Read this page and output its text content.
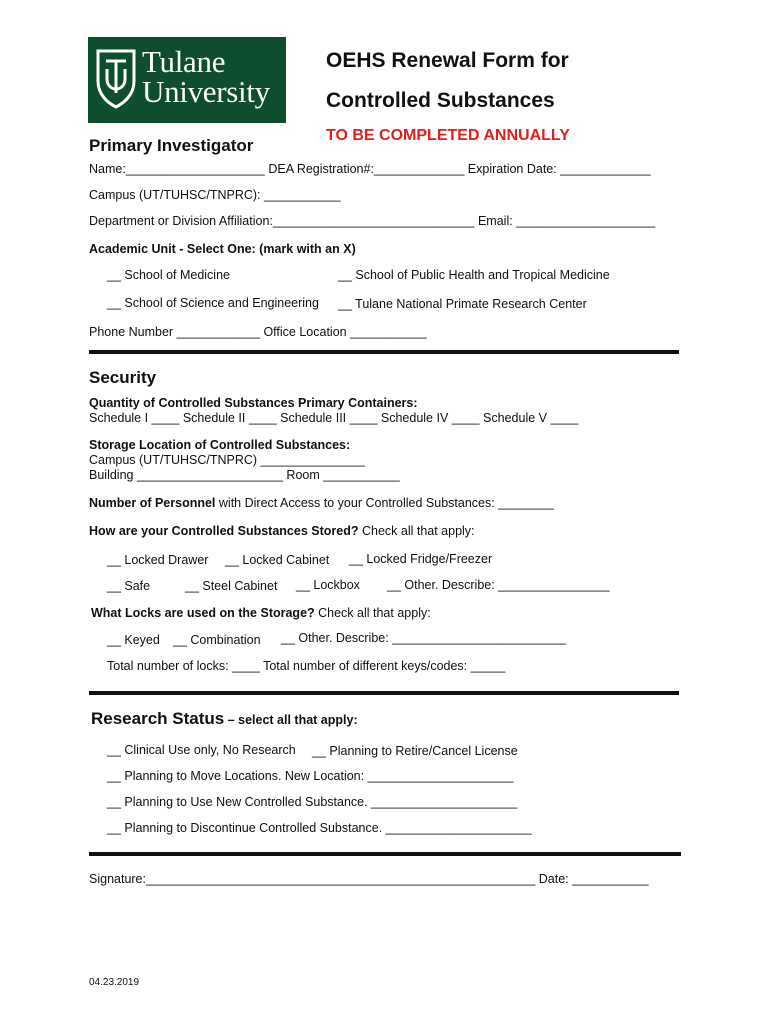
Tulane
University
OEHS Renewal Form for
Controlled Substances
TO BE COMPLETED ANNUALLY
Primary Investigator
Name:____________________ DEA Registration#:_____________ Expiration Date: _____________
Campus (UT/TUHSC/TNPRC): ___________
Department or Division Affiliation:_____________________________ Email: ____________________
Academic Unit - Select One: (mark with an X)
__ School of Medicine	__ School of Public Health and Tropical Medicine
__ School of Science and Engineering __ Tulane National Primate Research Center
Phone Number ____________ Office Location ___________
Security
Quantity of Controlled Substances Primary Containers:
Schedule I ____ Schedule II ____ Schedule III ____ Schedule IV ____ Schedule V ____
Storage Location of Controlled Substances:
Campus (UT/TUHSC/TNPRC) _______________
Building _____________________ Room ___________
Number of Personnel with Direct Access to your Controlled Substances: ________
How are your Controlled Substances Stored? Check all that apply:
__ Locked Drawer __ Locked Cabinet __ Locked Fridge/Freezer
__ Safe	__ Steel Cabinet __ Lockbox __ Other. Describe: ________________
What Locks are used on the Storage? Check all that apply:
__ Keyed __ Combination __ Other. Describe: _________________________
Total number of locks: ____ Total number of different keys/codes: _____
Research Status – select all that apply:
__ Clinical Use only, No Research __ Planning to Retire/Cancel License
__ Planning to Move Locations. New Location: _____________________
__ Planning to Use New Controlled Substance. _____________________
__ Planning to Discontinue Controlled Substance. _____________________
Signature:________________________________________________________ Date: ___________
04.23.2019
